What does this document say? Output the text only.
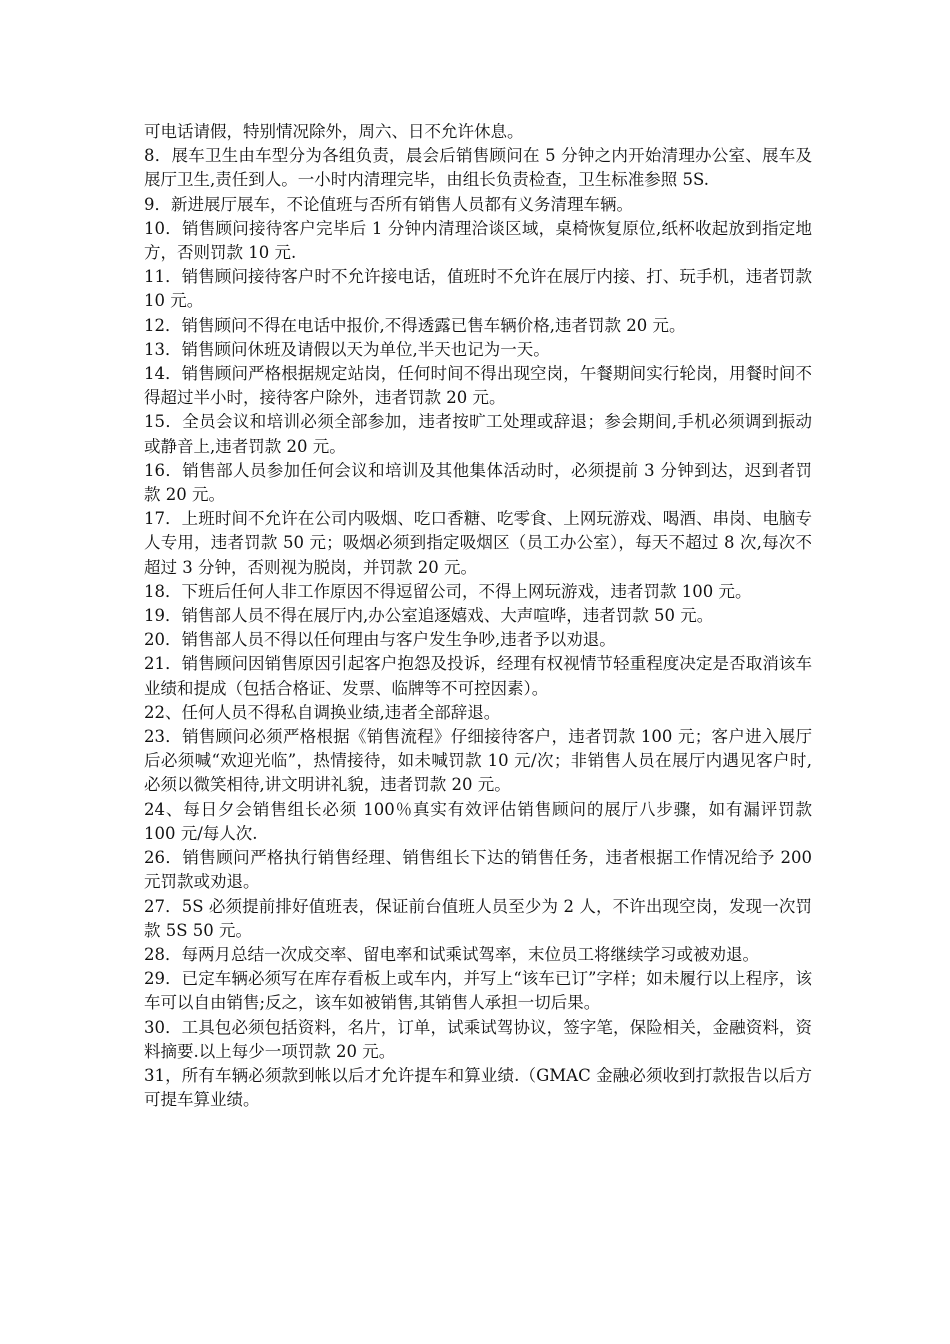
可电话请假，特别情况除外，周六、日不允许休息。

8．展车卫生由车型分为各组负责，晨会后销售顾问在 5 分钟之内开始清理办公室、展车及展厅卫生,责任到人。一小时内清理完毕，由组长负责检查，卫生标准参照 5S.

9．新进展厅展车，不论值班与否所有销售人员都有义务清理车辆。

10．销售顾问接待客户完毕后 1 分钟内清理洽谈区域，桌椅恢复原位,纸杯收起放到指定地方，否则罚款 10 元.

11．销售顾问接待客户时不允许接电话，值班时不允许在展厅内接、打、玩手机，违者罚款 10 元。

12．销售顾问不得在电话中报价,不得透露已售车辆价格,违者罚款 20 元。

13．销售顾问休班及请假以天为单位,半天也记为一天。

14．销售顾问严格根据规定站岗，任何时间不得出现空岗，午餐期间实行轮岗，用餐时间不得超过半小时，接待客户除外，违者罚款 20 元。

15．全员会议和培训必须全部参加，违者按旷工处理或辞退；参会期间,手机必须调到振动或静音上,违者罚款 20 元。

16．销售部人员参加任何会议和培训及其他集体活动时，必须提前 3 分钟到达，迟到者罚款 20 元。

17．上班时间不允许在公司内吸烟、吃口香糖、吃零食、上网玩游戏、喝酒、串岗、电脑专人专用，违者罚款 50 元；吸烟必须到指定吸烟区（员工办公室），每天不超过 8 次,每次不超过 3 分钟，否则视为脱岗，并罚款 20 元。

18．下班后任何人非工作原因不得逗留公司，不得上网玩游戏，违者罚款 100 元。

19．销售部人员不得在展厅内,办公室追逐嬉戏、大声喧哗，违者罚款 50 元。

20．销售部人员不得以任何理由与客户发生争吵,违者予以劝退。

21．销售顾问因销售原因引起客户抱怨及投诉，经理有权视情节轻重程度决定是否取消该车业绩和提成（包括合格证、发票、临牌等不可控因素）。

22、任何人员不得私自调换业绩,违者全部辞退。

23．销售顾问必须严格根据《销售流程》仔细接待客户，违者罚款 100 元；客户进入展厅后必须喊“欢迎光临”，热情接待，如未喊罚款 10 元/次；非销售人员在展厅内遇见客户时,必须以微笑相待,讲文明讲礼貌，违者罚款 20 元。

24、每日夕会销售组长必须 100％真实有效评估销售顾问的展厅八步骤，如有漏评罚款 100 元/每人次.

26．销售顾问严格执行销售经理、销售组长下达的销售任务，违者根据工作情况给予 200 元罚款或劝退。

27．5S 必须提前排好值班表，保证前台值班人员至少为 2 人，不许出现空岗，发现一次罚款 5S 50 元。

28．每两月总结一次成交率、留电率和试乘试驾率，末位员工将继续学习或被劝退。

29．已定车辆必须写在库存看板上或车内，并写上“该车已订”字样；如未履行以上程序，该车可以自由销售;反之，该车如被销售,其销售人承担一切后果。

30．工具包必须包括资料，名片，订单，试乘试驾协议，签字笔，保险相关，金融资料，资料摘要.以上每少一项罚款 20 元。

31，所有车辆必须款到帐以后才允许提车和算业绩.（GMAC 金融必须收到打款报告以后方可提车算业绩。
